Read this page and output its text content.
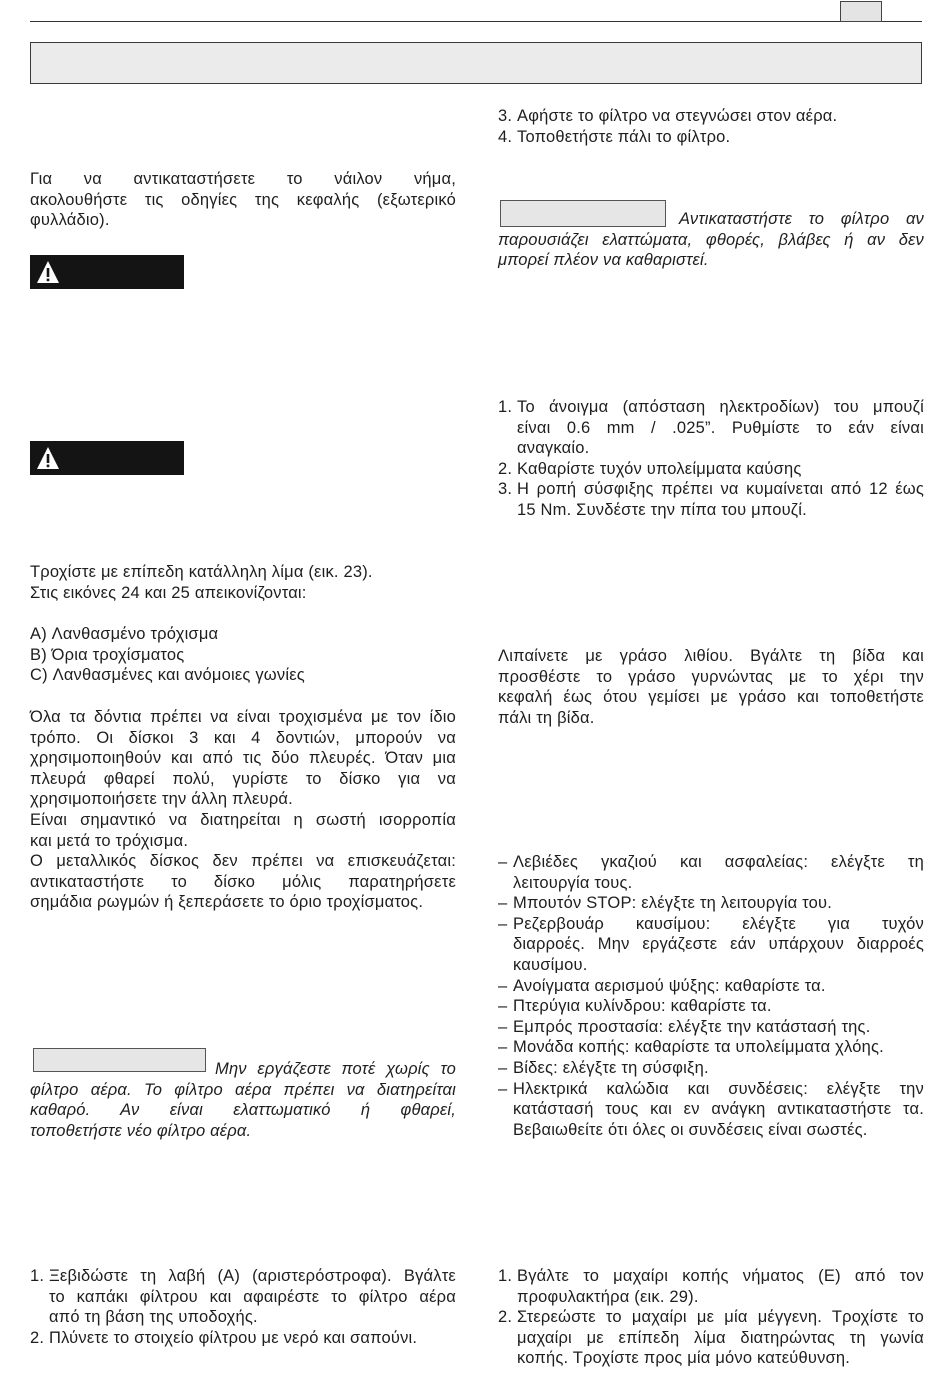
Για να αντικαταστήσετε το νάιλον νήμα,
ακολουθήστε τις οδηγίες της κεφαλής (εξωτερικό
φυλλάδιο).
Τροχίστε με επίπεδη κατάλληλη λίμα (εικ. 23).
Στις εικόνες 24 και 25 απεικονίζονται:
A) Λανθασμένο τρόχισμα
B) Όρια τροχίσματος
C) Λανθασμένες και ανόμοιες γωνίες
Όλα τα δόντια πρέπει να είναι τροχισμένα με τον ίδιο
τρόπο. Οι δίσκοι 3 και 4 δοντιών, μπορούν να
χρησιμοποιηθούν και από τις δύο πλευρές. Όταν μια
πλευρά φθαρεί πολύ, γυρίστε το δίσκο για να
χρησιμοποιήσετε την άλλη πλευρά.
Είναι σημαντικό να διατηρείται η σωστή ισορροπία
και μετά το τρόχισμα.
Ο μεταλλικός δίσκος δεν πρέπει να επισκευάζεται:
αντικαταστήστε το δίσκο μόλις παρατηρήσετε
σημάδια ρωγμών ή ξεπεράσετε το όριο τροχίσματος.
Μην εργάζεστε ποτέ χωρίς το
φίλτρο αέρα. Το φίλτρο αέρα πρέπει να διατηρείται
καθαρό. Αν είναι ελαττωματικό ή φθαρεί,
τοποθετήστε νέο φίλτρο αέρα.
1. Ξεβιδώστε τη λαβή (A) (αριστερόστροφα). Βγάλτε
το καπάκι φίλτρου και αφαιρέστε το φίλτρο αέρα
από τη βάση της υποδοχής.
2. Πλύνετε το στοιχείο φίλτρου με νερό και σαπούνι.
3. Αφήστε το φίλτρο να στεγνώσει στον αέρα.
4. Τοποθετήστε πάλι το φίλτρο.
Αντικαταστήστε το φίλτρο αν
παρουσιάζει ελαττώματα, φθορές, βλάβες ή αν δεν
μπορεί πλέον να καθαριστεί.
1. Το άνοιγμα (απόσταση ηλεκτροδίων) του μπουζί
είναι 0.6 mm / .025”. Ρυθμίστε το εάν είναι
αναγκαίο.
2. Καθαρίστε τυχόν υπολείμματα καύσης
3. Η ροπή σύσφιξης πρέπει να κυμαίνεται από 12 έως
15 Nm. Συνδέστε την πίπα του μπουζί.
Λιπαίνετε με γράσο λιθίου. Βγάλτε τη βίδα και
προσθέστε το γράσο γυρνώντας με το χέρι την
κεφαλή έως ότου γεμίσει με γράσο και τοποθετήστε
πάλι τη βίδα.
– Λεβιέδες γκαζιού και ασφαλείας: ελέγξτε τη
λειτουργία τους.
– Μπουτόν STOP: ελέγξτε τη λειτουργία του.
– Ρεζερβουάρ καυσίμου: ελέγξτε για τυχόν
διαρροές. Μην εργάζεστε εάν υπάρχουν διαρροές
καυσίμου.
– Ανοίγματα αερισμού ψύξης: καθαρίστε τα.
– Πτερύγια κυλίνδρου: καθαρίστε τα.
– Εμπρός προστασία: ελέγξτε την κατάστασή της.
– Μονάδα κοπής: καθαρίστε τα υπολείμματα χλόης.
– Βίδες: ελέγξτε τη σύσφιξη.
– Ηλεκτρικά καλώδια και συνδέσεις: ελέγξτε την
κατάστασή τους και εν ανάγκη αντικαταστήστε τα.
Βεβαιωθείτε ότι όλες οι συνδέσεις είναι σωστές.
1. Βγάλτε το μαχαίρι κοπής νήματος (Ε) από τον
προφυλακτήρα (εικ. 29).
2. Στερεώστε το μαχαίρι με μία μέγγενη. Τροχίστε το
μαχαίρι με επίπεδη λίμα διατηρώντας τη γωνία
κοπής. Τροχίστε προς μία μόνο κατεύθυνση.
